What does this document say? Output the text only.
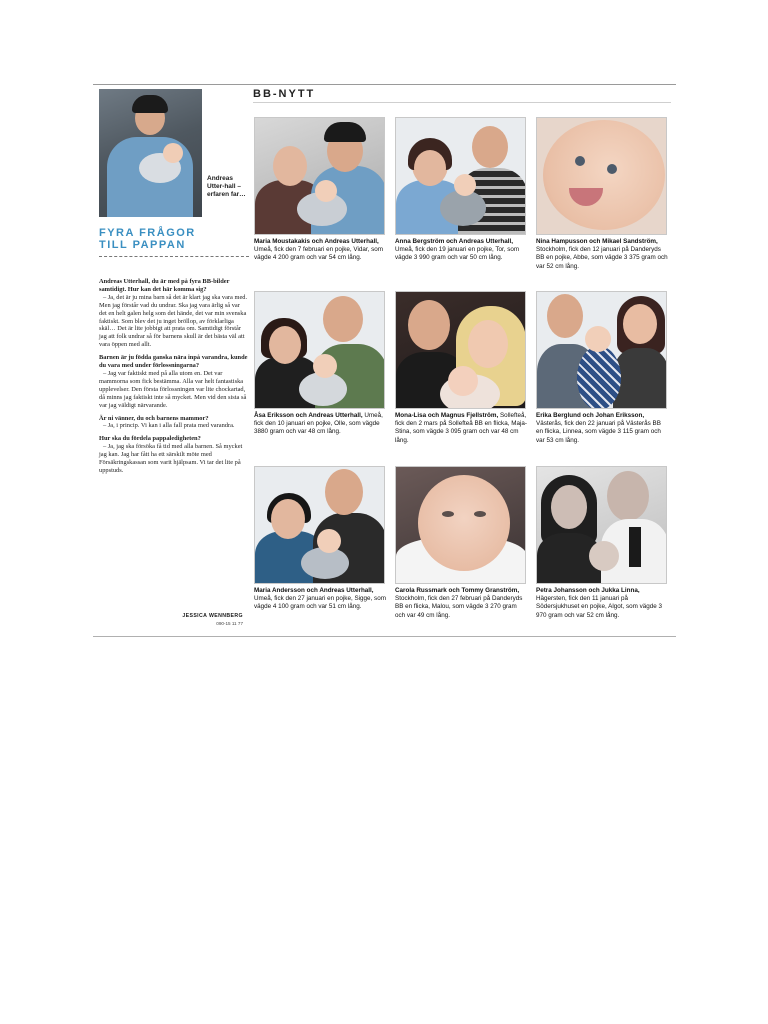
Andreas Utter-hall – erfaren far…
FYRA FRÅGOR
TILL PAPPAN

Andreas Utterhall, du är med på fyra BB-bilder samtidigt. Hur kan det här komma sig?

– Ja, det är ju mina barn så det är klart jag ska vara med. Men jag förstår vad du undrar. Ska jag vara ärlig så var det en helt galen helg som det hände, det var min svenska faktiskt. Som blev det ju inget bröllop, av förklarliga skäl… Det är lite jobbigt att prata om. Samtidigt förstår jag att folk undrar så för barnens skull är det bästa väl att vara öppen med allt.

Barnen är ju födda ganska nära inpå varandra, kunde du vara med under förlossningarna?

– Jag var faktiskt med på alla utom en. Det var mammorna som fick bestämma. Alla var helt fantastiska upplevelser. Den första förlossningen var lite chockartad, då minns jag faktiskt inte så mycket. Men vid den sista så var jag väldigt närvarande.

Är ni vänner, du och barnens mammor?

– Ja, i princip. Vi kan i alla fall prata med varandra.

Hur ska du fördela pappaledigheten?

– Ja, jag ska försöka få tid med alla barnen. Så mycket jag kan. Jag har fått ha ett särskilt möte med Försäkringskassan som varit hjälpsam. Vi tar det lite på uppstuds.

JESSICA WENNBERG
090-15 11 77
BB-NYTT
Maria Moustakakis och Andreas Utterhall, Umeå, fick den 7 februari en pojke, Vidar, som vägde 4 200 gram och var 54 cm lång.
Anna Bergström och Andreas Utterhall, Umeå, fick den 19 januari en pojke, Tor, som vägde 3 990 gram och var 50 cm lång.
Nina Hampusson och Mikael Sandström, Stockholm, fick den 12 januari på Danderyds BB en pojke, Abbe, som vägde 3 375 gram och var 52 cm lång.
Åsa Eriksson och Andreas Utterhall, Umeå, fick den 10 januari en pojke, Olle, som vägde 3880 gram och var 48 cm lång.
Mona-Lisa och Magnus Fjellström, Sollefteå, fick den 2 mars på Sollefteå BB en flicka, Maja-Stina, som vägde 3 095 gram och var 48 cm lång.
Erika Berglund och Johan Eriksson, Västerås, fick den 22 januari på Västerås BB en flicka, Linnea, som vägde 3 115 gram och var 53 cm lång.
Maria Andersson och Andreas Utterhall, Umeå, fick den 27 januari en pojke, Sigge, som vägde 4 100 gram och var 51 cm lång.
Carola Russmark och Tommy Granström, Stockholm, fick den 27 februari på Danderyds BB en flicka, Malou, som vägde 3 270 gram och var 49 cm lång.
Petra Johansson och Jukka Linna, Hägersten, fick den 11 januari på Södersjukhuset en pojke, Algot, som vägde 3 970 gram och var 52 cm lång.
